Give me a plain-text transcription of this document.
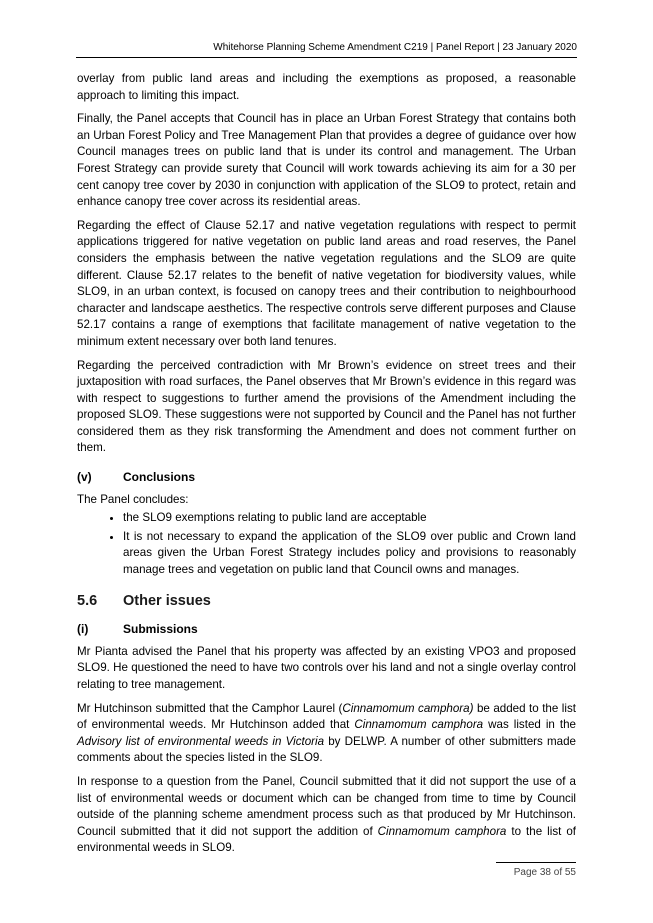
Whitehorse Planning Scheme Amendment C219 | Panel Report | 23 January 2020

overlay from public land areas and including the exemptions as proposed, a reasonable approach to limiting this impact.

Finally, the Panel accepts that Council has in place an Urban Forest Strategy that contains both an Urban Forest Policy and Tree Management Plan that provides a degree of guidance over how Council manages trees on public land that is under its control and management. The Urban Forest Strategy can provide surety that Council will work towards achieving its aim for a 30 per cent canopy tree cover by 2030 in conjunction with application of the SLO9 to protect, retain and enhance canopy tree cover across its residential areas.

Regarding the effect of Clause 52.17 and native vegetation regulations with respect to permit applications triggered for native vegetation on public land areas and road reserves, the Panel considers the emphasis between the native vegetation regulations and the SLO9 are quite different. Clause 52.17 relates to the benefit of native vegetation for biodiversity values, while SLO9, in an urban context, is focused on canopy trees and their contribution to neighbourhood character and landscape aesthetics. The respective controls serve different purposes and Clause 52.17 contains a range of exemptions that facilitate management of native vegetation to the minimum extent necessary over both land tenures.

Regarding the perceived contradiction with Mr Brown’s evidence on street trees and their juxtaposition with road surfaces, the Panel observes that Mr Brown’s evidence in this regard was with respect to suggestions to further amend the provisions of the Amendment including the proposed SLO9. These suggestions were not supported by Council and the Panel has not further considered them as they risk transforming the Amendment and does not comment further on them.

(v)	Conclusions

The Panel concludes:

• the SLO9 exemptions relating to public land are acceptable
• It is not necessary to expand the application of the SLO9 over public and Crown land areas given the Urban Forest Strategy includes policy and provisions to reasonably manage trees and vegetation on public land that Council owns and manages.
5.6	Other issues
(i)	Submissions

Mr Pianta advised the Panel that his property was affected by an existing VPO3 and proposed SLO9. He questioned the need to have two controls over his land and not a single overlay control relating to tree management.

Mr Hutchinson submitted that the Camphor Laurel (Cinnamomum camphora) be added to the list of environmental weeds. Mr Hutchinson added that Cinnamomum camphora was listed in the Advisory list of environmental weeds in Victoria by DELWP. A number of other submitters made comments about the species listed in the SLO9.

In response to a question from the Panel, Council submitted that it did not support the use of a list of environmental weeds or document which can be changed from time to time by Council outside of the planning scheme amendment process such as that produced by Mr Hutchinson. Council submitted that it did not support the addition of Cinnamomum camphora to the list of environmental weeds in SLO9.

Page 38 of 55
